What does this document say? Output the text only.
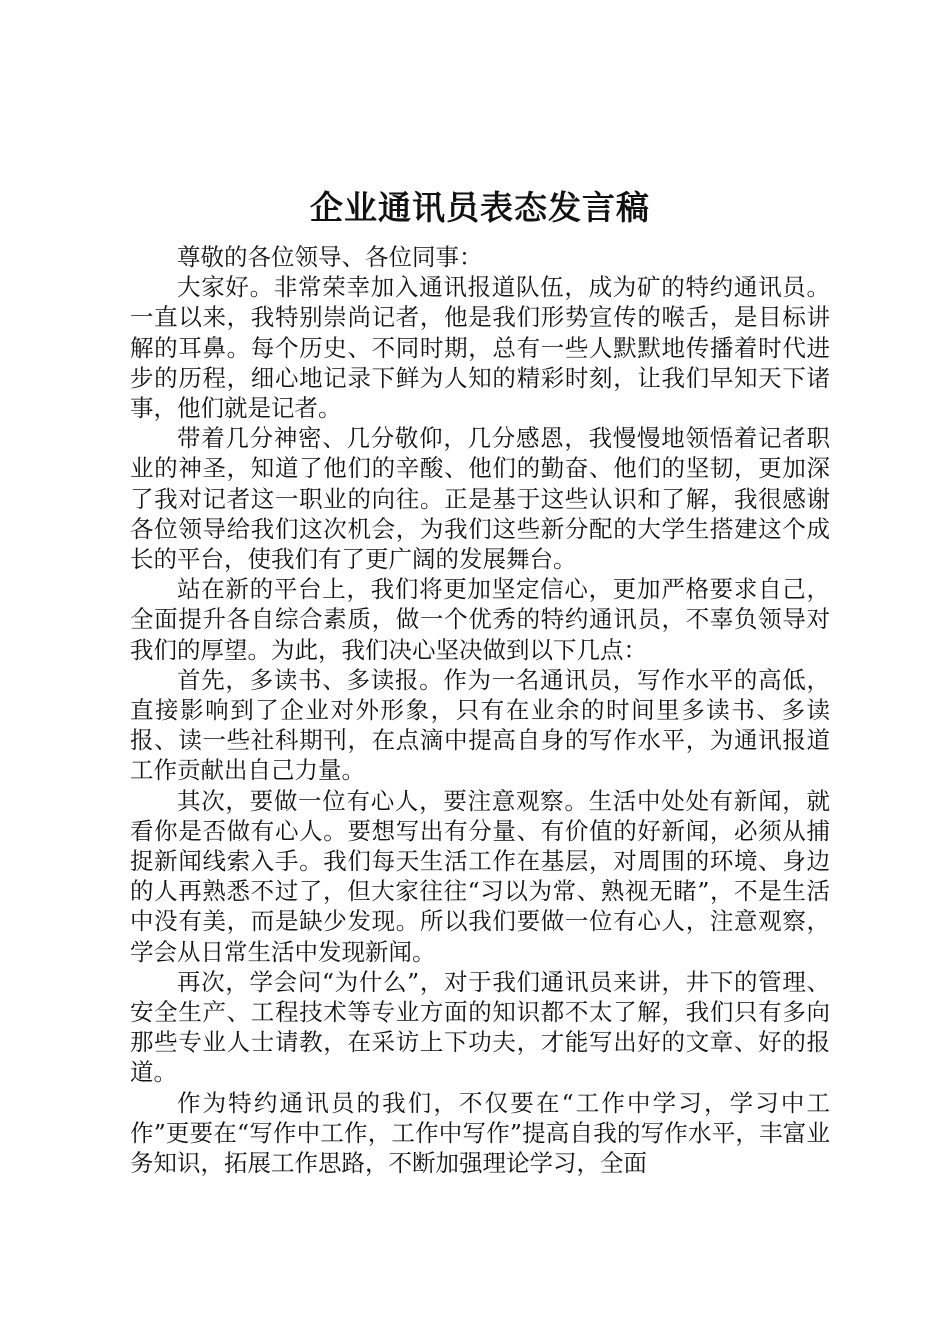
企业通讯员表态发言稿

尊敬的各位领导、各位同事：

大家好。非常荣幸加入通讯报道队伍，成为矿的特约通讯员。一直以来，我特别崇尚记者，他是我们形势宣传的喉舌，是目标讲解的耳鼻。每个历史、不同时期，总有一些人默默地传播着时代进步的历程，细心地记录下鲜为人知的精彩时刻，让我们早知天下诸事，他们就是记者。

带着几分神密、几分敬仰，几分感恩，我慢慢地领悟着记者职业的神圣，知道了他们的辛酸、他们的勤奋、他们的坚韧，更加深了我对记者这一职业的向往。正是基于这些认识和了解，我很感谢各位领导给我们这次机会，为我们这些新分配的大学生搭建这个成长的平台，使我们有了更广阔的发展舞台。

站在新的平台上，我们将更加坚定信心，更加严格要求自己，全面提升各自综合素质，做一个优秀的特约通讯员，不辜负领导对我们的厚望。为此，我们决心坚决做到以下几点：

首先，多读书、多读报。作为一名通讯员，写作水平的高低，直接影响到了企业对外形象，只有在业余的时间里多读书、多读报、读一些社科期刊，在点滴中提高自身的写作水平，为通讯报道工作贡献出自己力量。

其次，要做一位有心人，要注意观察。生活中处处有新闻，就看你是否做有心人。要想写出有分量、有价值的好新闻，必须从捕捉新闻线索入手。我们每天生活工作在基层，对周围的环境、身边的人再熟悉不过了，但大家往往“习以为常、熟视无睹”，不是生活中没有美，而是缺少发现。所以我们要做一位有心人，注意观察，学会从日常生活中发现新闻。

再次，学会问“为什么”，对于我们通讯员来讲，井下的管理、安全生产、工程技术等专业方面的知识都不太了解，我们只有多向那些专业人士请教，在采访上下功夫，才能写出好的文章、好的报道。

作为特约通讯员的我们，不仅要在“工作中学习，学习中工作”更要在“写作中工作，工作中写作”提高自我的写作水平，丰富业务知识，拓展工作思路，不断加强理论学习，全面
